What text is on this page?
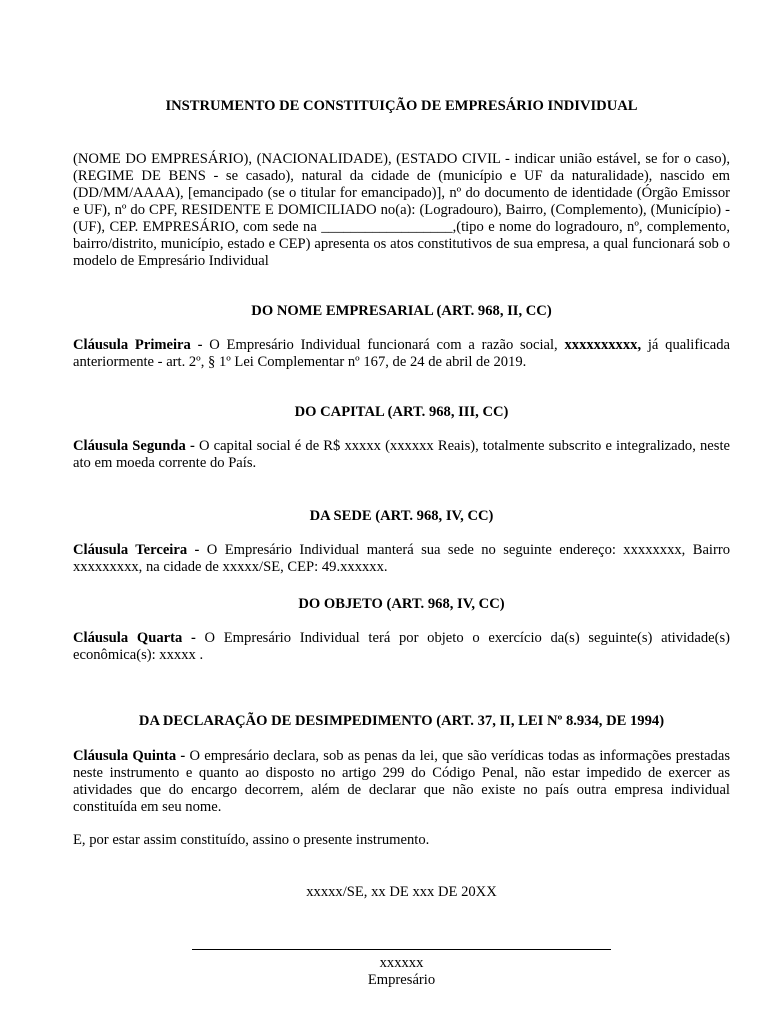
INSTRUMENTO DE CONSTITUIÇÃO DE EMPRESÁRIO INDIVIDUAL

(NOME DO EMPRESÁRIO), (NACIONALIDADE), (ESTADO CIVIL - indicar união estável, se for o caso), (REGIME DE BENS - se casado), natural da cidade de (município e UF da naturalidade), nascido em (DD/MM/AAAA), [emancipado (se o titular for emancipado)], nº do documento de identidade (Órgão Emissor e UF), nº do CPF, RESIDENTE E DOMICILIADO no(a): (Logradouro), Bairro, (Complemento), (Município) - (UF), CEP. EMPRESÁRIO, com sede na __________________,(tipo e nome do logradouro, nº, complemento, bairro/distrito, município, estado e CEP) apresenta os atos constitutivos de sua empresa, a qual funcionará sob o modelo de Empresário Individual

DO NOME EMPRESARIAL (ART. 968, II, CC)

Cláusula Primeira - O Empresário Individual funcionará com a razão social, xxxxxxxxxx, já qualificada anteriormente - art. 2º, § 1º Lei Complementar nº 167, de 24 de abril de 2019.

DO CAPITAL (ART. 968, III, CC)

Cláusula Segunda - O capital social é de R$ xxxxx (xxxxxx Reais), totalmente subscrito e integralizado, neste ato em moeda corrente do País.

DA SEDE (ART. 968, IV, CC)

Cláusula Terceira - O Empresário Individual manterá sua sede no seguinte endereço: xxxxxxxx, Bairro xxxxxxxxx, na cidade de xxxxx/SE, CEP: 49.xxxxxx.

DO OBJETO (ART. 968, IV, CC)

Cláusula Quarta - O Empresário Individual terá por objeto o exercício da(s) seguinte(s) atividade(s) econômica(s): xxxxx .

DA DECLARAÇÃO DE DESIMPEDIMENTO (ART. 37, II, LEI Nº 8.934, DE 1994)

Cláusula Quinta - O empresário declara, sob as penas da lei, que são verídicas todas as informações prestadas neste instrumento e quanto ao disposto no artigo 299 do Código Penal, não estar impedido de exercer as atividades que do encargo decorrem, além de declarar que não existe no país outra empresa individual constituída em seu nome.

E, por estar assim constituído, assino o presente instrumento.

xxxxx/SE, xx DE xxx DE 20XX
xxxxxx
Empresário
